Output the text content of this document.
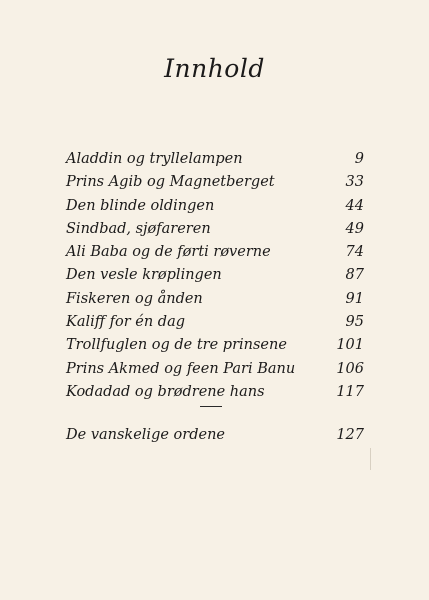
Innhold
Aladdin og tryllelampen	9
Prins Agib og Magnetberget	33
Den blinde oldingen	44
Sindbad, sjøfareren	49
Ali Baba og de førti røverne	74
Den vesle krøplingen	87
Fiskeren og ånden	91
Kaliff for én dag	95
Trollfuglen og de tre prinsene	101
Prins Akmed og feen Pari Banu	106
Kodadad og brødrene hans	117
De vanskelige ordene	127
